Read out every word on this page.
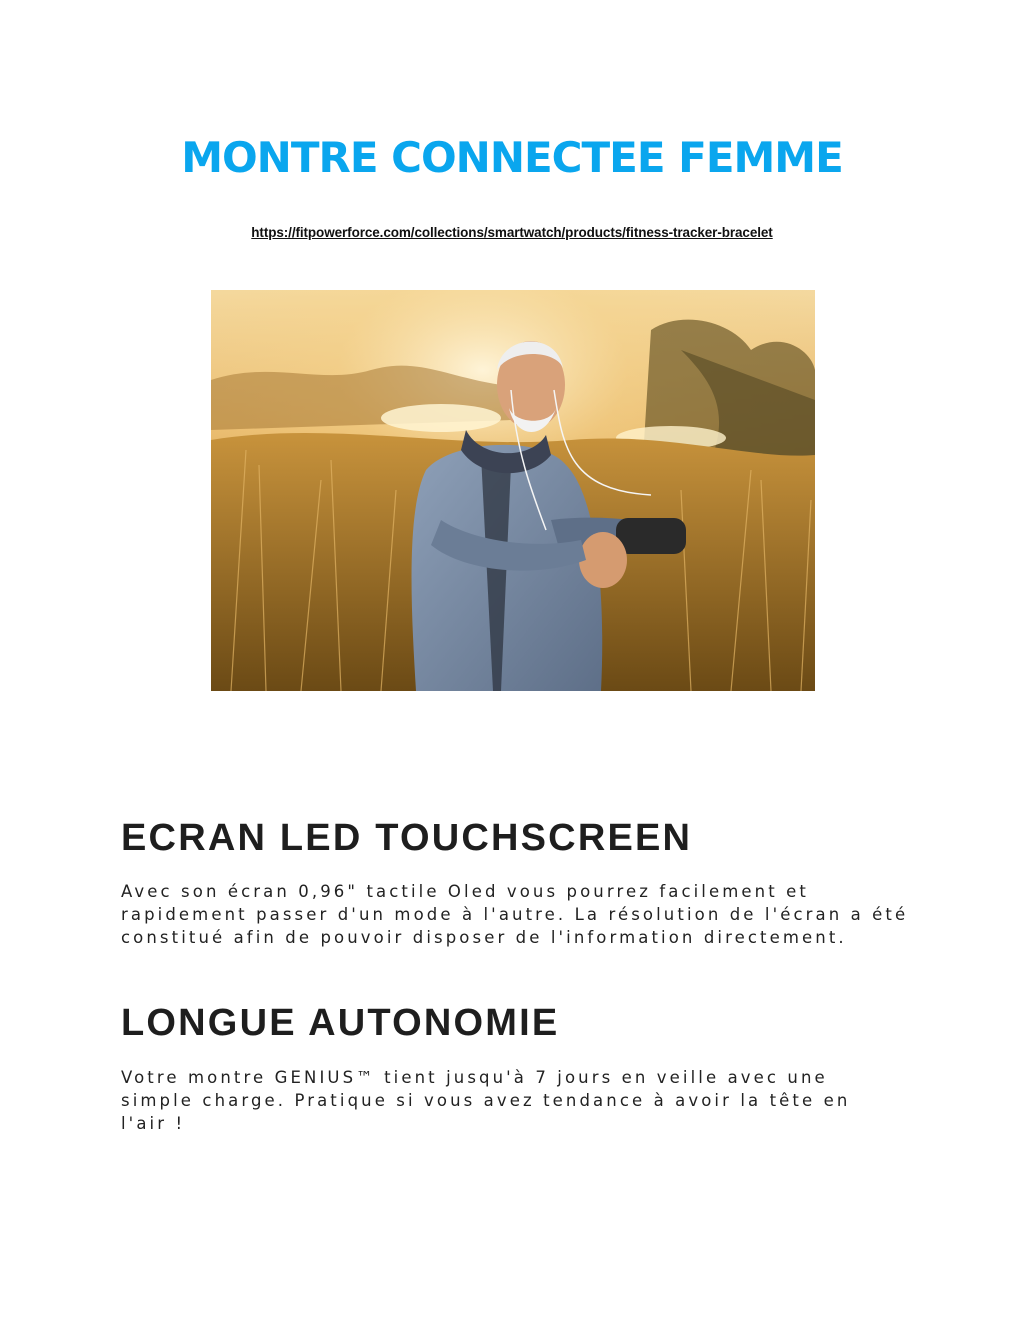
MONTRE CONNECTEE FEMME
https://fitpowerforce.com/collections/smartwatch/products/fitness-tracker-bracelet
ECRAN LED TOUCHSCREEN

Avec son écran 0,96" tactile Oled vous pourrez facilement et
rapidement passer d'un mode à l'autre. La résolution de l'écran a été
constitué afin de pouvoir disposer de l'information directement.

LONGUE AUTONOMIE

Votre montre GENIUS™ tient jusqu'à 7 jours en veille avec une
simple charge. Pratique si vous avez tendance à avoir la tête en
l'air !
